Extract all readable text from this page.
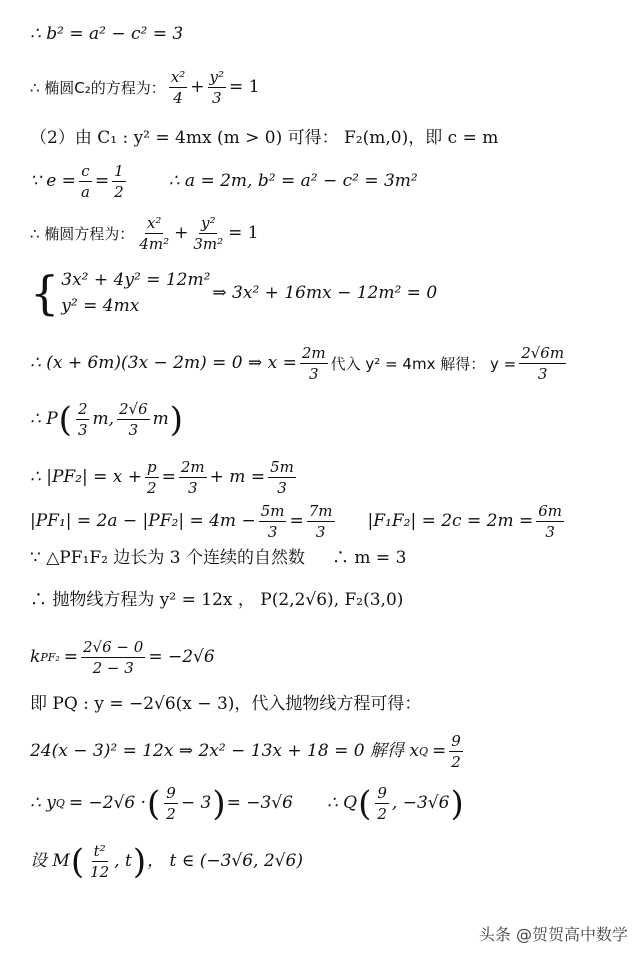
∴ b² = a² − c² = 3
∴ 椭圆C₂的方程为： $\frac{\text{x²}}{4} + \frac{\text{y²}}{3} = 1$
（2）由 C₁ : y² = 4mx (m > 0) 可得： F₂(m,0)，即 c = m
∵ $e = \frac{c}{a} = \frac{1}{2}$	∴ a = 2m, b² = a² − c² = 3m²
∴ 椭圆方程为： $\frac{\text{x²}}{\text{4m²}} + \frac{\text{y²}}{\text{3m²}} = 1$
{ 3x² + 4y² = 12m²
y² = 4mx
⇒ 3x² + 16mx − 12m² = 0
∴ (x + 6m)(3x − 2m) = 0 ⇒ $x = \frac{2m}{3}$ 代入 y² = 4mx 解得： $y = \frac{2√6m}{3}$
∴ P ( $\frac{2}{3} m$, $\frac{2√6}{3}$ m )
∴ $|PF_2| = x + \frac{p}{2} = \frac{2m}{3} + m = \frac{5m}{3}$
$|PF_1| = 2a - |PF_2| = 4m - \frac{5m}{3} = \frac{7m}{3} |F_1F_2| = 2c = 2m = \frac{6m}{3}$
∵ △PF₁F₂ 边长为 3 个连续的自然数     ∴ m = 3
∴ 抛物线方程为 y² = 12x ， P(2,2√6), F₂(3,0)
k $PF_2 = \frac{2√6 - 0}{2 - 3} = -2√6$
即 PQ : y = −2√6(x − 3)，代入抛物线方程可得：
24(x − 3)² = 12x ⇒ 2x² − 13x + 18 = 0 解得 x $Q = \frac{9}{2}$
∴ y Q = −2√6 · ( $\frac{9}{2} - 3$ ) = −3√6 ∴ Q ( $\frac{9}{2}$ , −3√6 )
设 M ( $\frac{\text{t²}}{12}$ , t ) ， t ∈ (−3√6, 2√6)
头条 @贺贺高中数学
